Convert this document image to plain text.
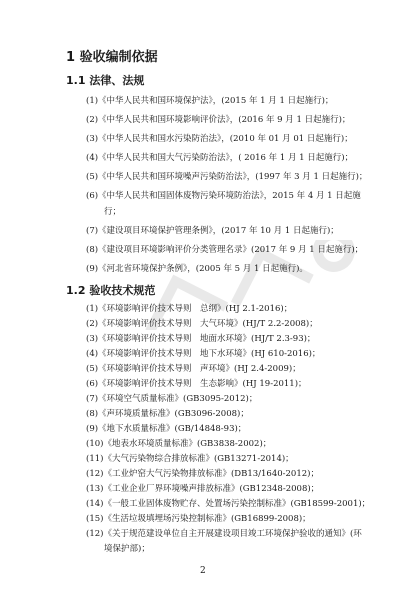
1 验收编制依据
1.1 法律、法规
(1)《中华人民共和国环境保护法》，(2015 年 1 月 1 日起施行)；
(2)《中华人民共和国环境影响评价法》，(2016 年 9 月 1 日起施行)；
(3)《中华人民共和国水污染防治法》，(2010 年 01 月 01 日起施行)；
(4)《中华人民共和国大气污染防治法》，( 2016 年 1 月 1 日起施行)；
(5)《中华人民共和国环境噪声污染防治法》，(1997 年 3 月 1 日起施行)；
(6)《中华人民共和国固体废物污染环境防治法》，2015 年 4 月 1 日起施
行；
(7)《建设项目环境保护管理条例》，(2017 年 10 月 1 日起施行)；
(8)《建设项目环境影响评价分类管理名录》(2017 年 9 月 1 日起施行)；
(9)《河北省环境保护条例》，(2005 年 5 月 1 日起施行)。
1.2 验收技术规范
(1)《环境影响评价技术导则　总纲》(HJ 2.1-2016)；
(2)《环境影响评价技术导则　大气环境》(HJ/T 2.2-2008)；
(3)《环境影响评价技术导则　地面水环境》(HJ/T 2.3-93)；
(4)《环境影响评价技术导则　地下水环境》(HJ 610-2016)；
(5)《环境影响评价技术导则　声环境》(HJ 2.4-2009)；
(6)《环境影响评价技术导则　生态影响》(HJ 19-2011)；
(7)《环境空气质量标准》(GB3095-2012)；
(8)《声环境质量标准》(GB3096-2008)；
(9)《地下水质量标准》(GB/14848-93)；
(10)《地表水环境质量标准》(GB3838-2002)；
(11)《大气污染物综合排放标准》(GB13271-2014)；
(12)《工业炉窑大气污染物排放标准》(DB13/1640-2012)；
(13)《工业企业厂界环境噪声排放标准》(GB12348-2008)；
(14)《一般工业固体废物贮存、处置场污染控制标准》(GB18599-2001)；
(15)《生活垃圾填埋场污染控制标准》(GB16899-2008)；
(12)《关于规范建设单位自主开展建设项目竣工环境保护验收的通知》(环
境保护部)；
2
